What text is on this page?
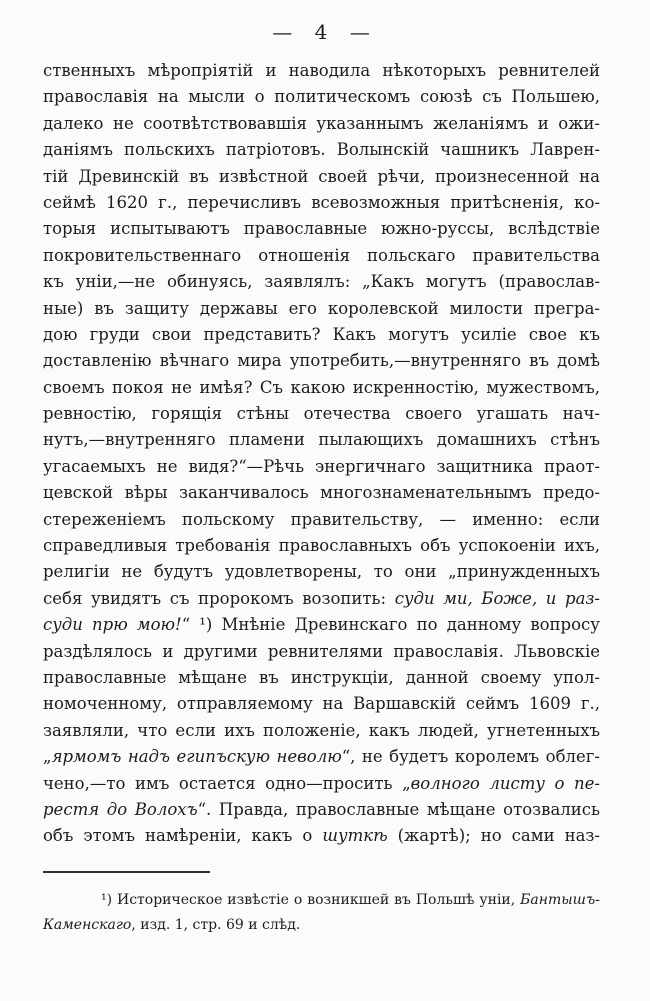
— 4 —
ственныхъ мѣропріятій и наводила нѣкоторыхъ ревнителей
православія на мысли о политическомъ союзѣ съ Польшею,
далеко не соотвѣтствовавшія указаннымъ желаніямъ и ожи-
даніямъ польскихъ патріотовъ. Волынскій чашникъ Лаврен-
тій Древинскій въ извѣстной своей рѣчи, произнесенной на
сеймѣ 1620 г., перечисливъ всевозможныя притѣсненія, ко-
торыя испытываютъ православные южно-руссы, вслѣдствіе
покровительственнаго отношенія польскаго правительства
къ уніи,—не обинуясь, заявлялъ: „Какъ могутъ (православ-
ные) въ защиту державы его королевской милости прегра-
дою груди свои представить? Какъ могутъ усиліе свое къ
доставленію вѣчнаго мира употребить,—внутренняго въ домѣ
своемъ покоя не имѣя? Съ какою искренностію, мужествомъ,
ревностію, горящія стѣны отечества своего угашать нач-
нутъ,—внутренняго пламени пылающихъ домашнихъ стѣнъ
угасаемыхъ не видя?“—Рѣчь энергичнаго защитника праот-
цевской вѣры заканчивалось многознаменательнымъ предо-
стереженіемъ польскому правительству, — именно: если
справедливыя требованія православныхъ объ успокоеніи ихъ,
религіи не будутъ удовлетворены, то они „принужденныхъ
себя увидятъ съ пророкомъ возопить: суди ми, Боже, и раз-
суди прю мою!“ ¹) Мнѣніе Древинскаго по данному вопросу
раздѣлялось и другими ревнителями православія. Львовскіе
православные мѣщане въ инструкціи, данной своему упол-
номоченному, отправляемому на Варшавскій сеймъ 1609 г.,
заявляли, что если ихъ положеніе, какъ людей, угнетенныхъ
„ярмомъ надъ египъскую неволю“, не будетъ королемъ облег-
чено,—то имъ остается одно—просить „волного листу о пе-
рестя до Волохъ“. Правда, православные мѣщане отозвались
объ этомъ намѣреніи, какъ о шуткѣ (жартѣ); но сами наз-
¹) Историческое извѣстіе о возникшей въ Польшѣ уніи, Бантышъ-
Каменскаго, изд. 1, стр. 69 и слѣд.
